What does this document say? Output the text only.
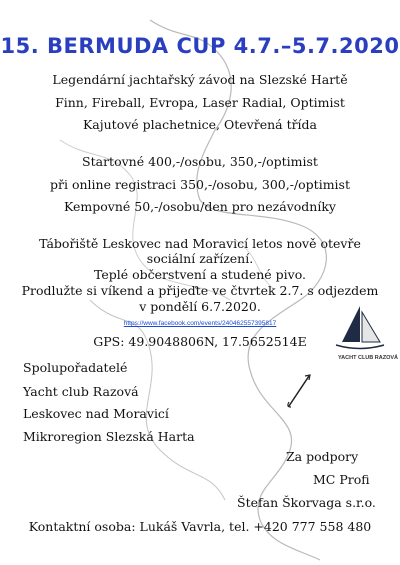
15. BERMUDA CUP 4.7.–5.7.2020
Legendární jachtařský závod na Slezské Hartě
Finn, Fireball, Evropa, Laser Radial, Optimist
Kajutové plachetnice, Otevřená třída
Startovné 400,-/osobu, 350,-/optimist
při online registraci 350,-/osobu, 300,-/optimist
Kempovné 50,-/osobu/den pro nezávodníky
Tábořiště Leskovec nad Moravicí letos nově otevře
sociální zařízení.
Teplé občerstvení a studené pivo.
Prodlužte si víkend a přijeďte ve čtvrtek 2.7. s odjezdem
v pondělí 6.7.2020.
https://www.facebook.com/events/240462557395817
GPS: 49.9048806N, 17.5652514E
YACHT CLUB RAZOVÁ
Spolupořadatelé
Yacht club Razová
Leskovec nad Moravicí
Mikroregion Slezská Harta
Za podpory
MC Profi
Štefan Škorvaga s.r.o.
Kontaktní osoba: Lukáš Vavrla, tel. +420 777 558 480
